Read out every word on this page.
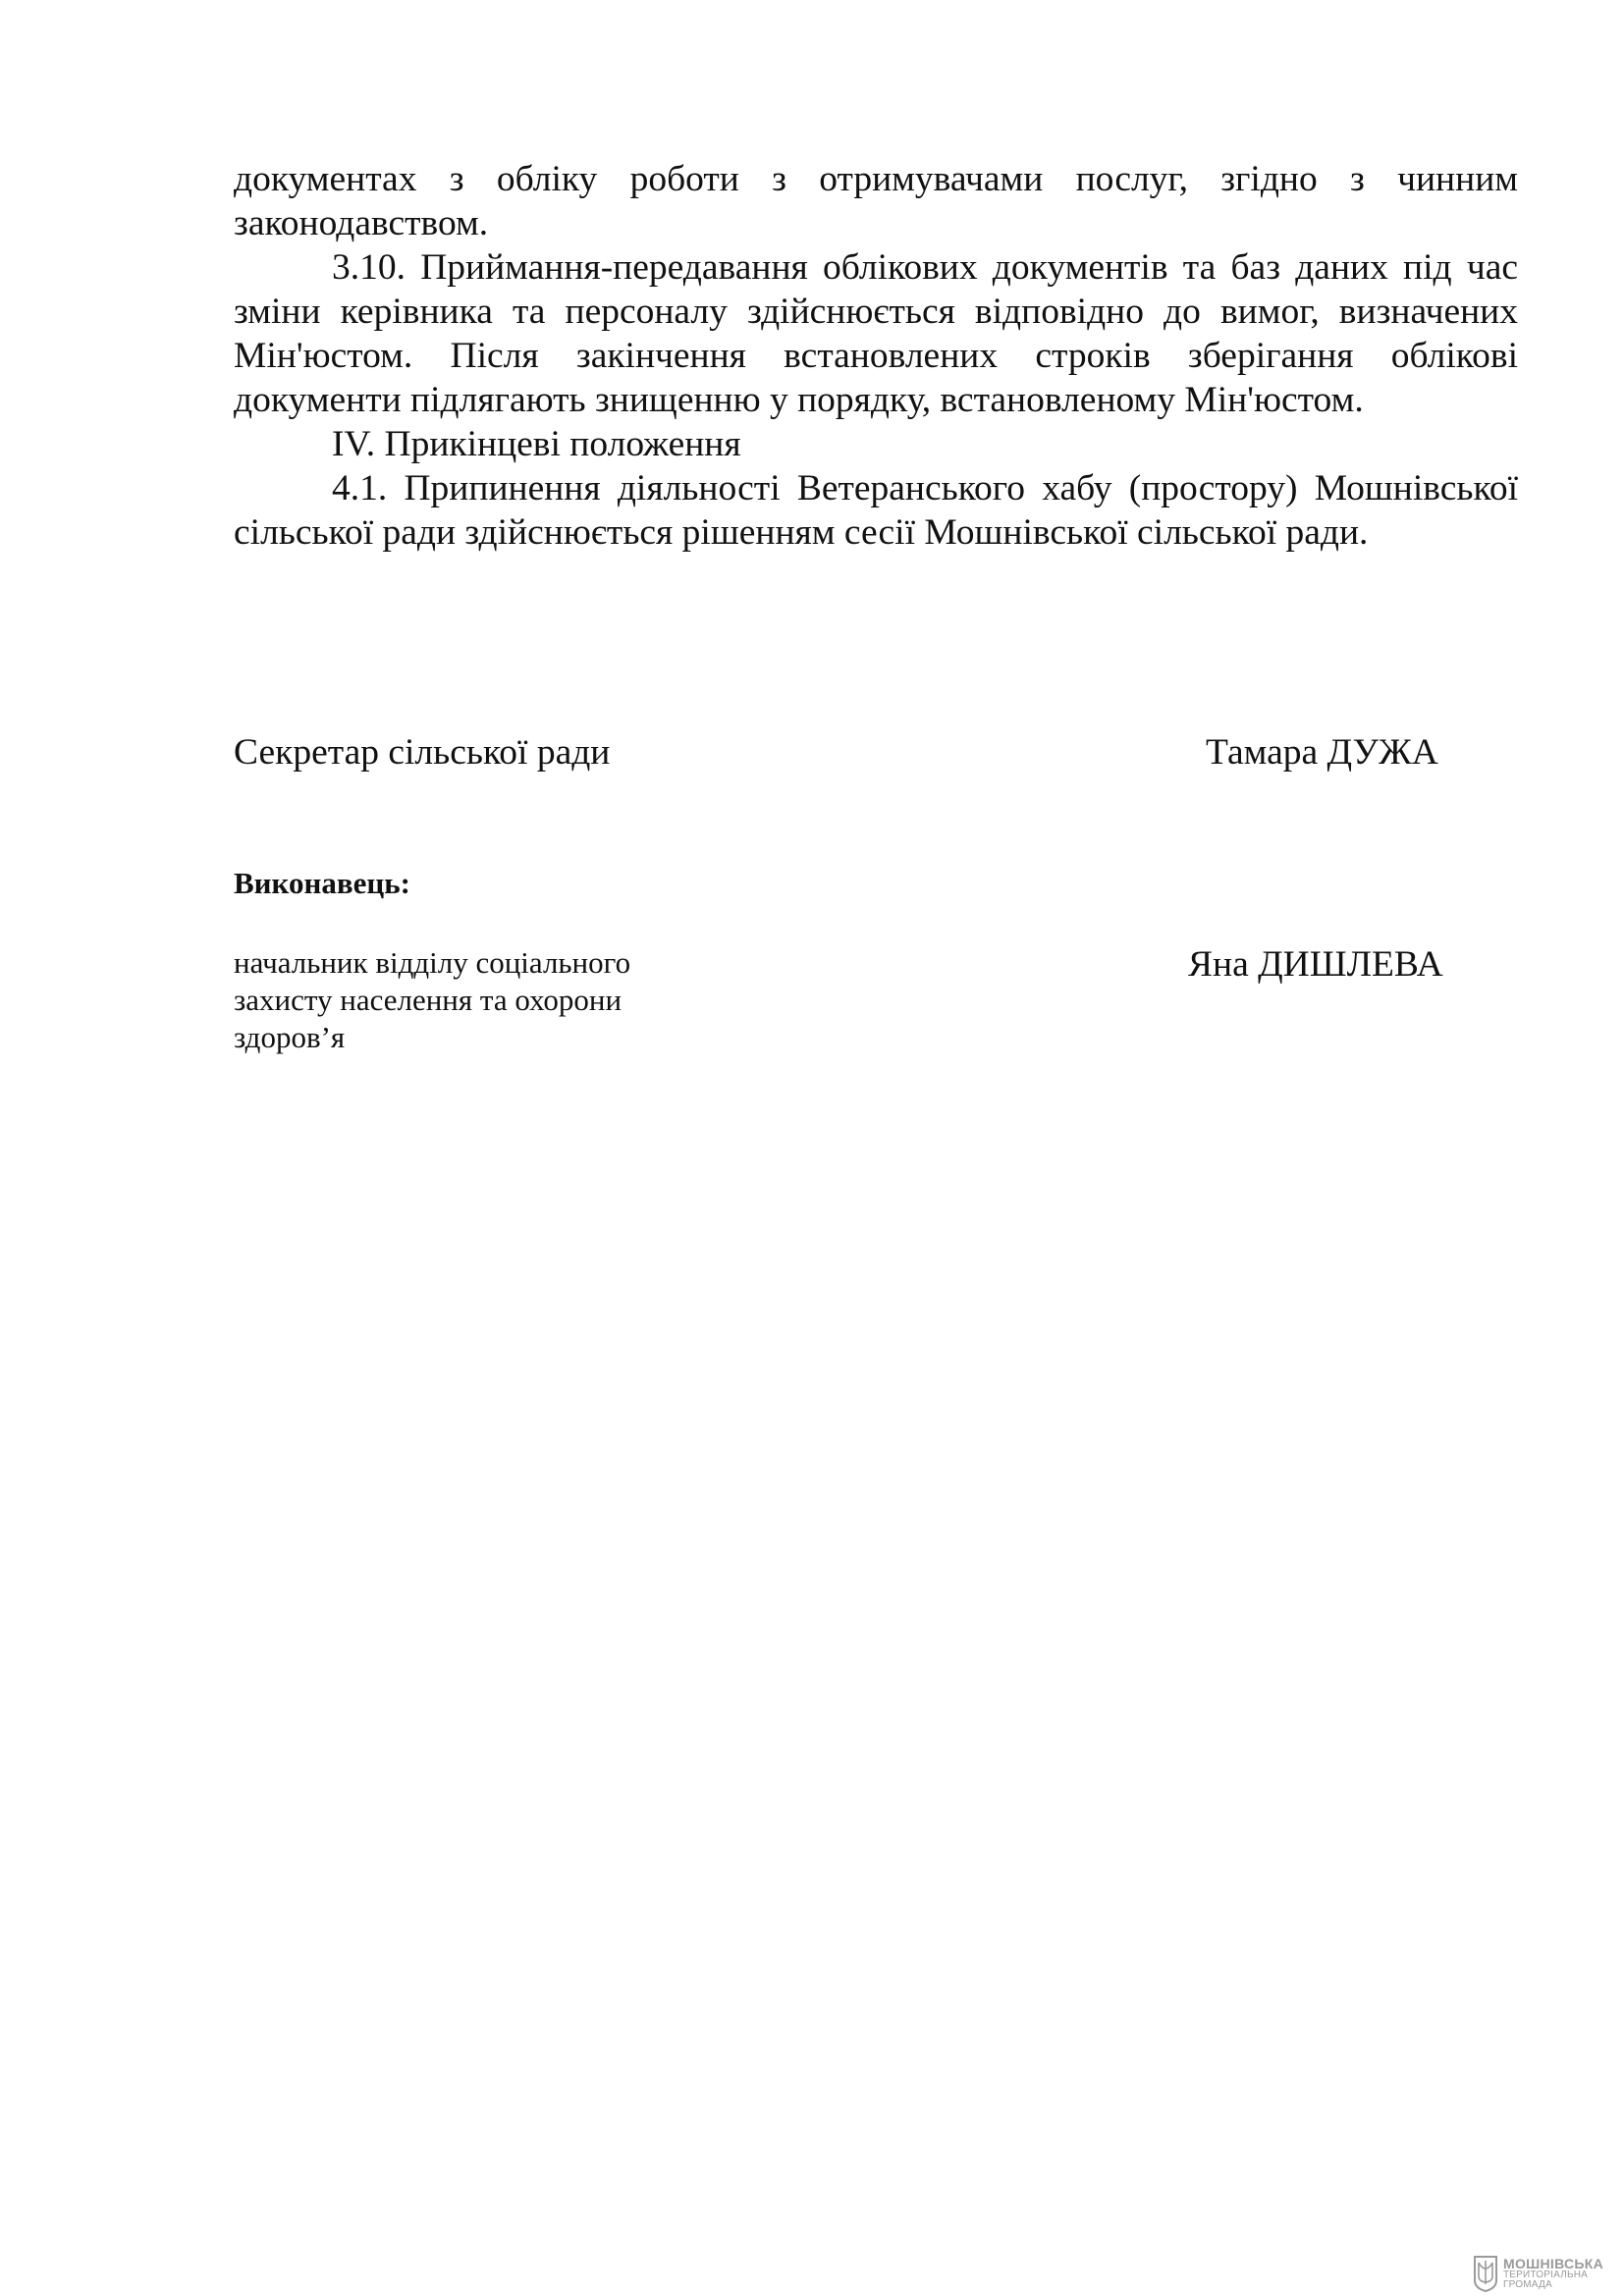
документах з обліку роботи з отримувачами послуг, згідно з чинним законодавством.

3.10. Приймання-передавання облікових документів та баз даних під час зміни керівника та персоналу здійснюється відповідно до вимог, визначених Мін'юстом. Після закінчення встановлених строків зберігання облікові документи підлягають знищенню у порядку, встановленому Мін'юстом.

IV. Прикінцеві положення

4.1. Припинення діяльності Ветеранського хабу (простору) Мошнівської сільської ради здійснюється рішенням сесії Мошнівської сільської ради.

Секретар сільської ради	Тамара ДУЖА
Виконавець:
начальник відділу соціального
захисту населення та охорони
здоров’я
Яна ДИШЛЕВА
МОШНІВСЬКА
ТЕРИТОРІАЛЬНА
ГРОМАДА
